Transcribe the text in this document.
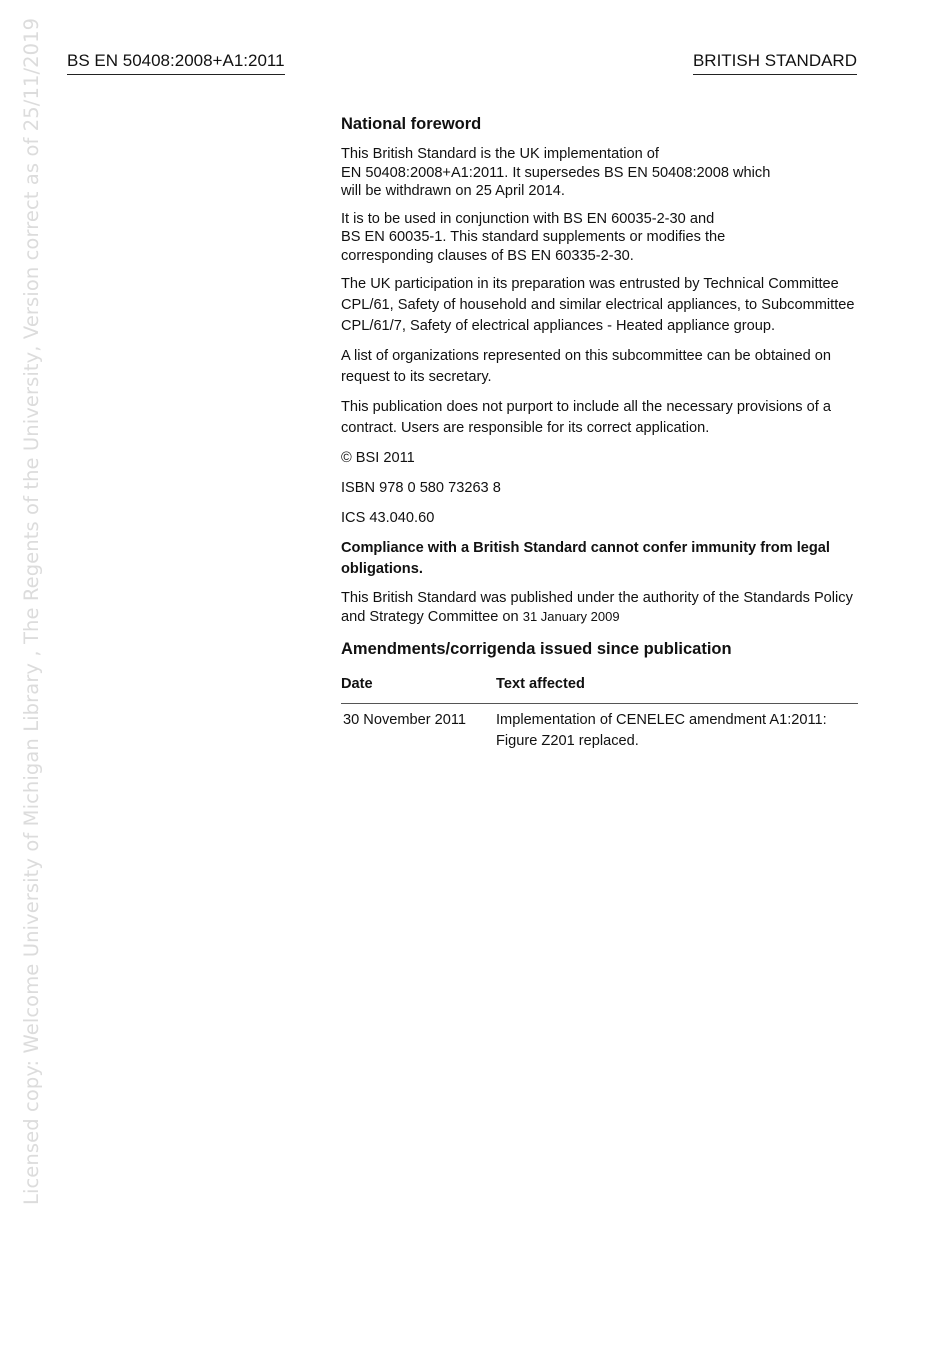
BS EN 50408:2008+A1:2011	BRITISH STANDARD
Licensed copy: Welcome University of Michigan Library , The Regents of the University, Version correct as of 25/11/2019	National foreword

This British Standard is the UK implementation of
EN 50408:2008+A1:2011. It supersedes BS EN 50408:2008 which
will be withdrawn on 25 April 2014.

It is to be used in conjunction with BS EN 60035-2-30 and
BS EN 60035-1. This standard supplements or modifies the
corresponding clauses of BS EN 60335-2-30.

The UK participation in its preparation was entrusted by Technical Committee CPL/61, Safety of household and similar electrical appliances, to Subcommittee CPL/61/7, Safety of electrical appliances - Heated appliance group.

A list of organizations represented on this subcommittee can be obtained on request to its secretary.

This publication does not purport to include all the necessary provisions of a contract. Users are responsible for its correct application.

© BSI 2011

ISBN 978 0 580 73263 8

ICS 43.040.60

Compliance with a British Standard cannot confer immunity from legal obligations.

This British Standard was published under the authority of the Standards Policy and Strategy Committee on 31 January 2009

Amendments/corrigenda issued since publication
Date	Text affected
30 November 2011	Implementation of CENELEC amendment A1:2011:
Figure Z201 replaced.
